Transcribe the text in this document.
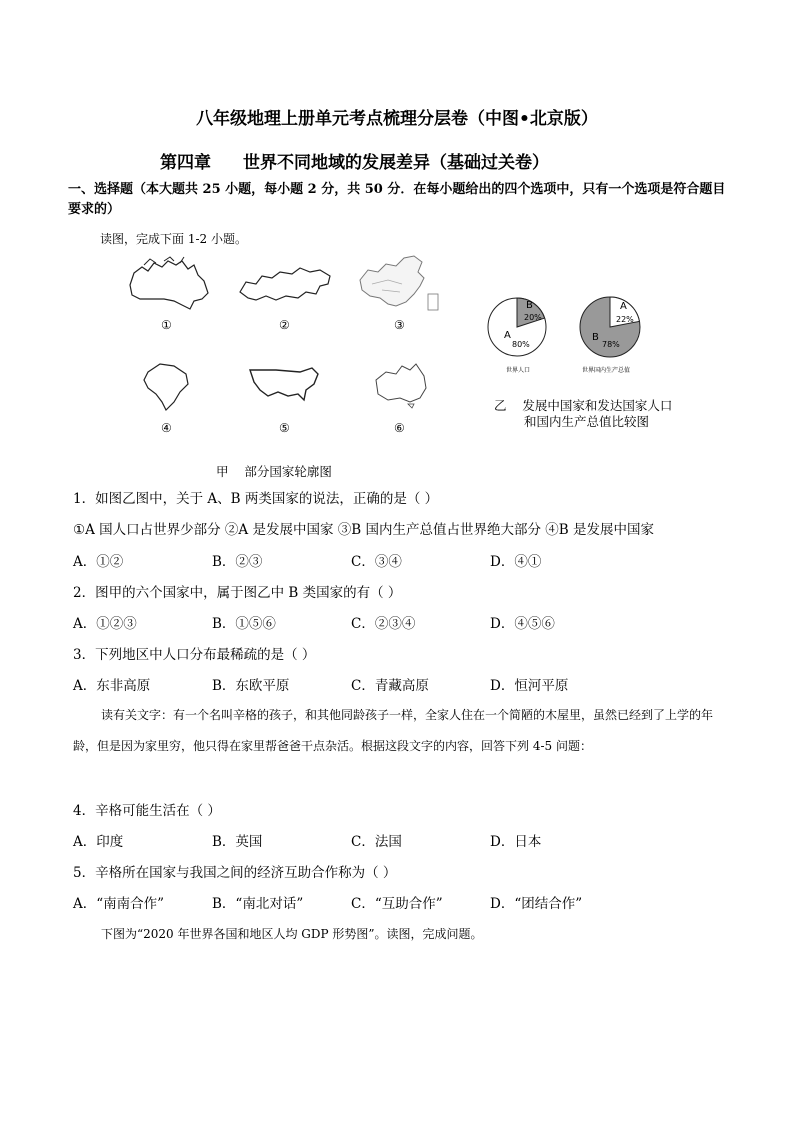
八年级地理上册单元考点梳理分层卷（中图•北京版）
第四章 世界不同地域的发展差异（基础过关卷）
一、选择题（本大题共 25 小题，每小题 2 分，共 50 分．在每小题给出的四个选项中，只有一个选项是符合题目要求的）
读图，完成下面 1-2 小题。
①	②	③
④	⑤	⑥
甲 部分国家轮廓图
A
80%
B
20%
世界人口
A
22%
B
78%
世界国内生产总值
乙 发展中国家和发达国家人口
和国内生产总值比较图
1．如图乙图中，关于 A、B 两类国家的说法，正确的是（ ）
①A 国人口占世界少部分 ②A 是发展中国家 ③B 国内生产总值占世界绝大部分 ④B 是发展中国家
A．①②	B．②③	C．③④	D．④①
2．图甲的六个国家中，属于图乙中 B 类国家的有（ ）
A．①②③	B．①⑤⑥	C．②③④	D．④⑤⑥
3．下列地区中人口分布最稀疏的是（ ）
A．东非高原	B．东欧平原	C．青藏高原	D．恒河平原
读有关文字：有一个名叫辛格的孩子，和其他同龄孩子一样，全家人住在一个简陋的木屋里，虽然已经到了上学的年龄，但是因为家里穷，他只得在家里帮爸爸干点杂活。根据这段文字的内容，回答下列 4-5 问题：
4．辛格可能生活在（ ）
A．印度	B．英国	C．法国	D．日本
5．辛格所在国家与我国之间的经济互助合作称为（ ）
A．“南南合作”	B．“南北对话”	C．“互助合作”	D．“团结合作”
下图为“2020 年世界各国和地区人均 GDP 形势图”。读图，完成问题。
